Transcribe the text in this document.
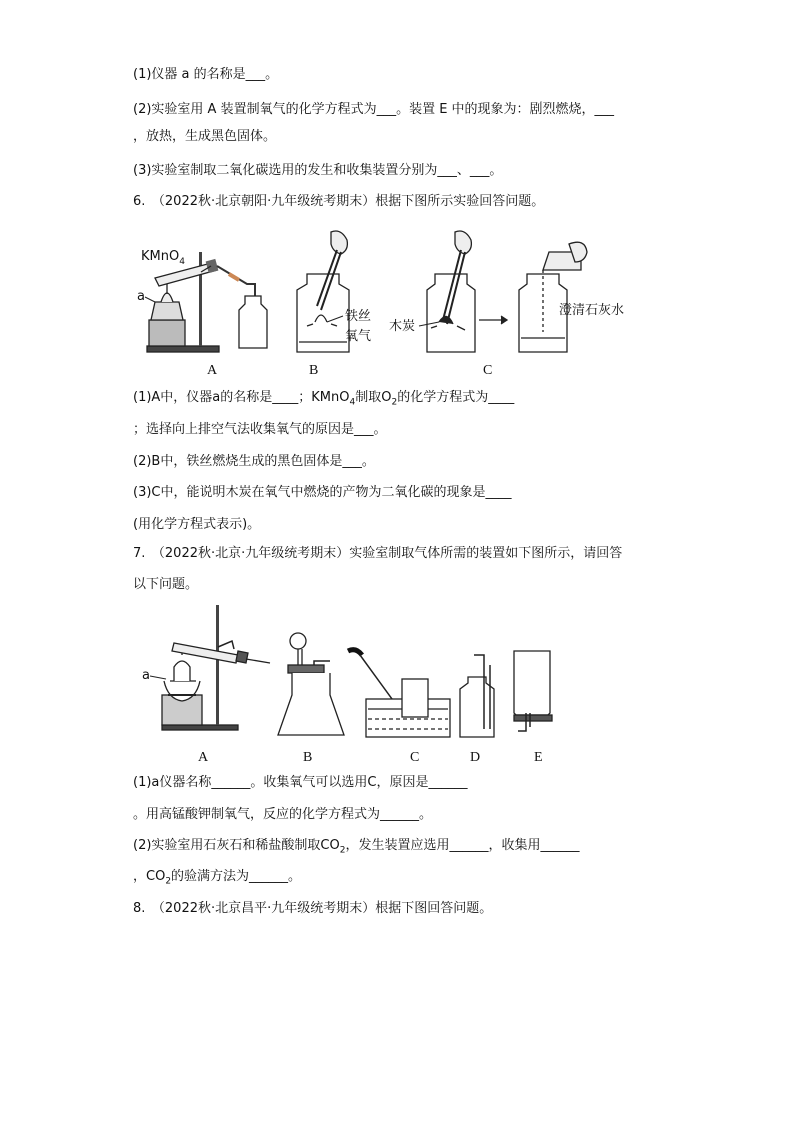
(1)仪器 a 的名称是___。
(2)实验室用 A 装置制氧气的化学方程式为___。装置 E 中的现象为：剧烈燃烧，___
，放热，生成黑色固体。
(3)实验室制取二氧化碳选用的发生和收集装置分别为___、___。
6.　（2022秋·北京朝阳·九年级统考期末）根据下图所示实验回答问题。
KMnO$_4$
a
铁丝
氧气
木炭
澄清石灰水
A	B	C
(1)A中，仪器a的名称是____；KMnO$_4$制取$O_2$的化学方程式为____
；选择向上排空气法收集氧气的原因是___。
(2)B中，铁丝燃烧生成的黑色固体是___。
(3)C中，能说明木炭在氧气中燃烧的产物为二氧化碳的现象是____
(用化学方程式表示)。
7.　（2022秋·北京·九年级统考期末）实验室制取气体所需的装置如下图所示，请回答
以下问题。
a
A	B	C	D	E
(1)a仪器名称______。收集氧气可以选用C，原因是______
。用高锰酸钾制氧气，反应的化学方程式为______。
(2)实验室用石灰石和稀盐酸制取$CO_2$，发生装置应选用______，收集用______
，$CO_2$的验满方法为______。
8.　（2022秋·北京昌平·九年级统考期末）根据下图回答问题。
